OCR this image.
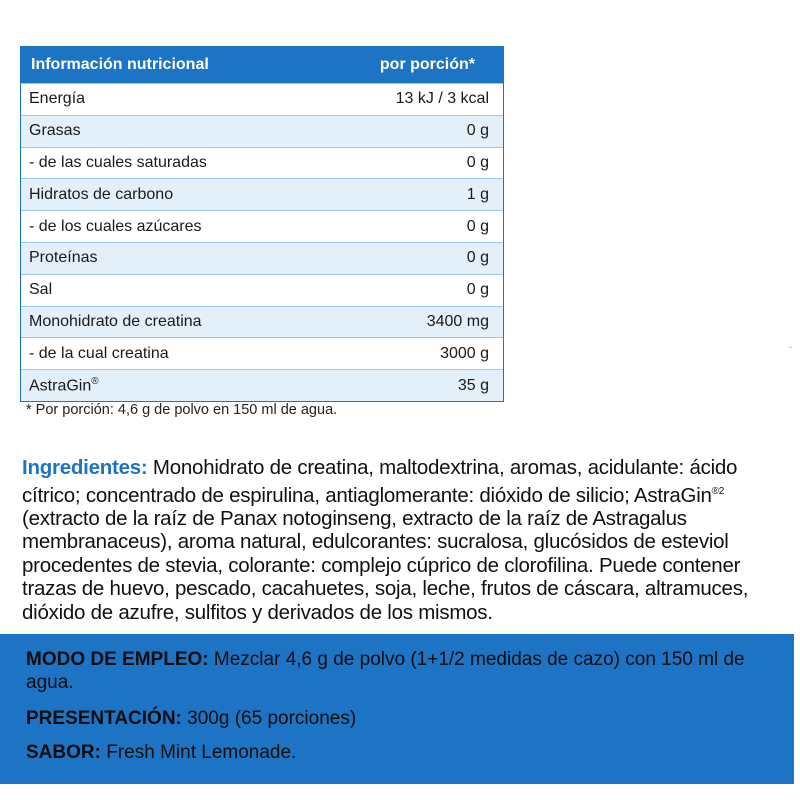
Información nutricional	por porción*
Energía	13 kJ / 3 kcal
Grasas	0 g
- de las cuales saturadas	0 g
Hidratos de carbono	1 g
- de los cuales azúcares	0 g
Proteínas	0 g
Sal	0 g
Monohidrato de creatina	3400 mg
- de la cual creatina	3000 g
AstraGin®	35 g
* Por porción: 4,6 g de polvo en 150 ml de agua.
Ingredientes: Monohidrato de creatina, maltodextrina, aromas, acidulante: ácido cítrico; concentrado de espirulina, antiaglomerante: dióxido de silicio; AstraGin$^{®2}$ (extracto de la raíz de Panax notoginseng, extracto de la raíz de Astragalus membranaceus), aroma natural, edulcorantes: sucralosa, glucósidos de esteviol procedentes de stevia, colorante: complejo cúprico de clorofilina. Puede contener trazas de huevo, pescado, cacahuetes, soja, leche, frutos de cáscara, altramuces, dióxido de azufre, sulfitos y derivados de los mismos.
-

MODO DE EMPLEO: Mezclar 4,6 g de polvo (1+1/2 medidas de cazo) con 150 ml de agua.

PRESENTACIÓN: 300g (65 porciones)

SABOR: Fresh Mint Lemonade.
